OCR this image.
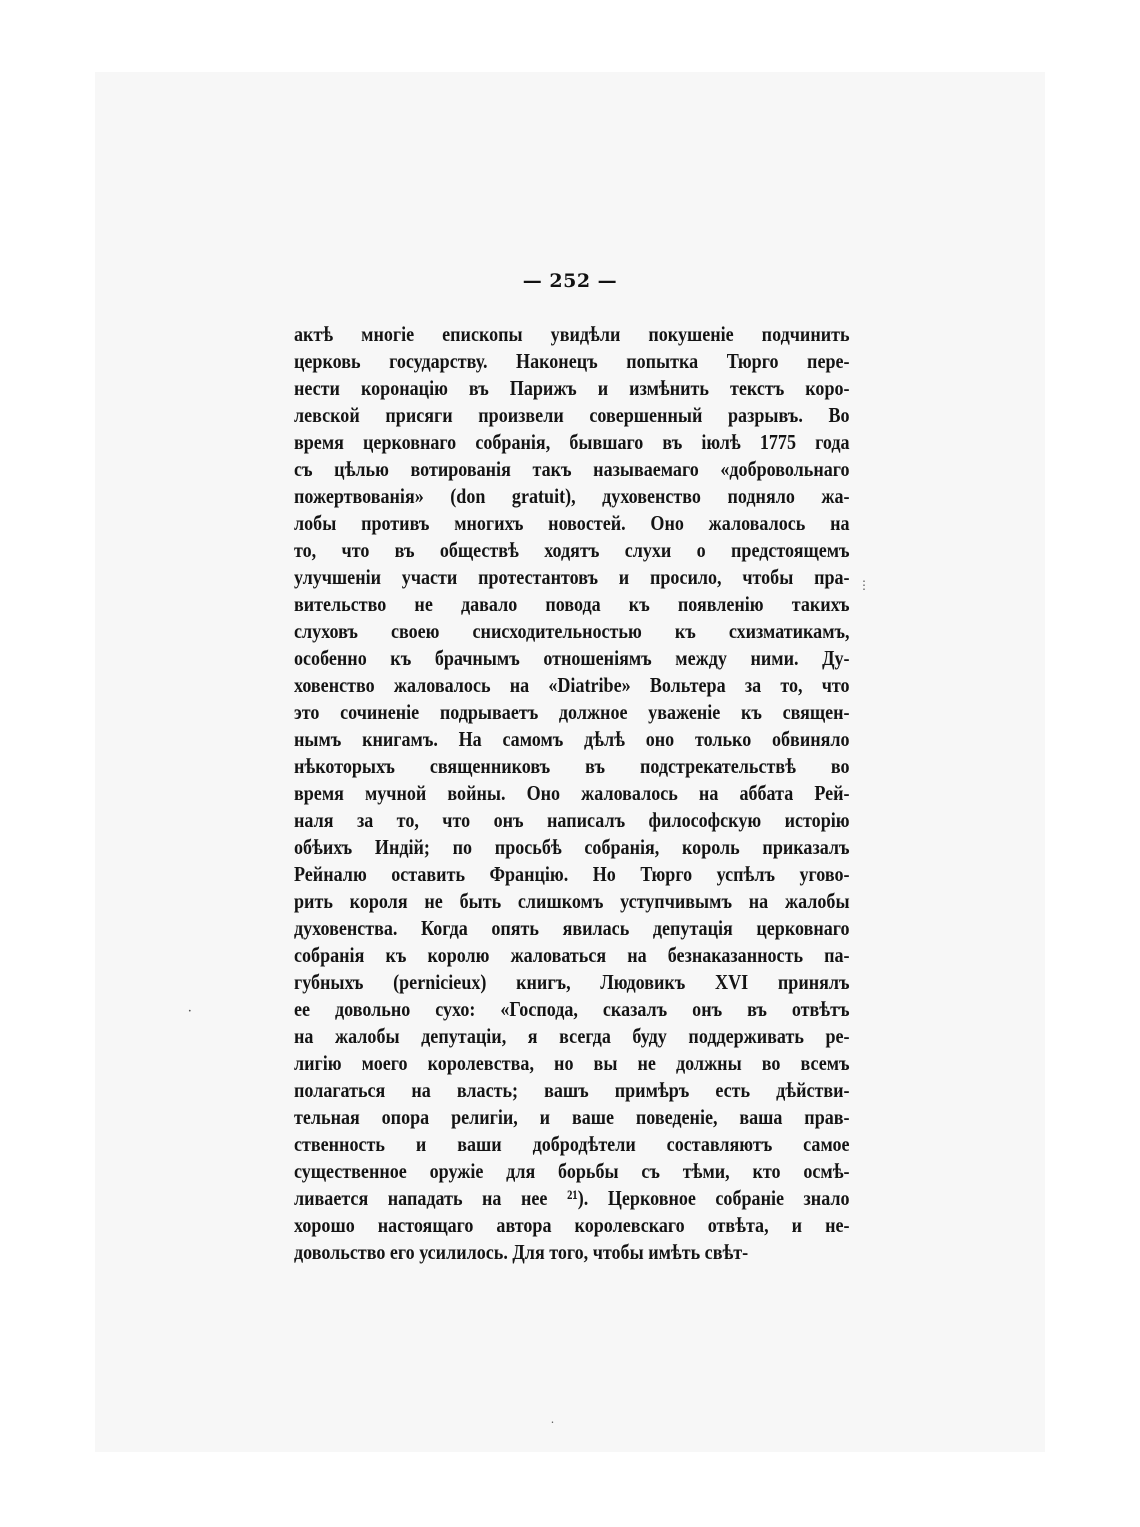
— 252 —
актѣ многіе епископы увидѣли покушеніе подчинить
церковь государству. Наконецъ попытка Тюрго пере-
нести коронацію въ Парижъ и измѣнить текстъ коро-
левской присяги произвели совершенный разрывъ. Во
время церковнаго собранія, бывшаго въ іюлѣ 1775 года
съ цѣлью вотированія такъ называемаго «добровольнаго
пожертвованія» (don gratuit), духовенство подняло жа-
лобы противъ многихъ новостей. Оно жаловалось на
то, что въ обществѣ ходятъ слухи о предстоящемъ
улучшеніи участи протестантовъ и просило, чтобы пра-
вительство не давало повода къ появленію такихъ
слуховъ своею снисходительностью къ схизматикамъ,
особенно къ брачнымъ отношеніямъ между ними. Ду-
ховенство жаловалось на «Diatribe» Вольтера за то, что
это сочиненіе подрываетъ должное уваженіе къ священ-
нымъ книгамъ. На самомъ дѣлѣ оно только обвиняло
нѣкоторыхъ священниковъ въ подстрекательствѣ во
время мучной войны. Оно жаловалось на аббата Рей-
наля за то, что онъ написалъ философскую исторію
обѣихъ Индій; по просьбѣ собранія, король приказалъ
Рейналю оставить Францію. Но Тюрго успѣлъ угово-
рить короля не быть слишкомъ уступчивымъ на жалобы
духовенства. Когда опять явилась депутація церковнаго
собранія къ королю жаловаться на безнаказанность па-
губныхъ (pernicieux) книгъ, Людовикъ XVI принялъ
ее довольно сухо: «Господа, сказалъ онъ въ отвѣтъ
на жалобы депутаціи, я всегда буду поддерживать ре-
лигію моего королевства, но вы не должны во всемъ
полагаться на власть; вашъ примѣръ есть дѣйстви-
тельная опора религіи, и ваше поведеніе, ваша прав-
ственность и ваши добродѣтели составляютъ самое
существенное оружіе для борьбы съ тѣми, кто осмѣ-
ливается нападать на нее ²¹). Церковное собраніе знало
хорошо настоящаго автора королевскаго отвѣта, и не-
довольство его усилилось. Для того, чтобы имѣть свѣт-
⋮
•
•
